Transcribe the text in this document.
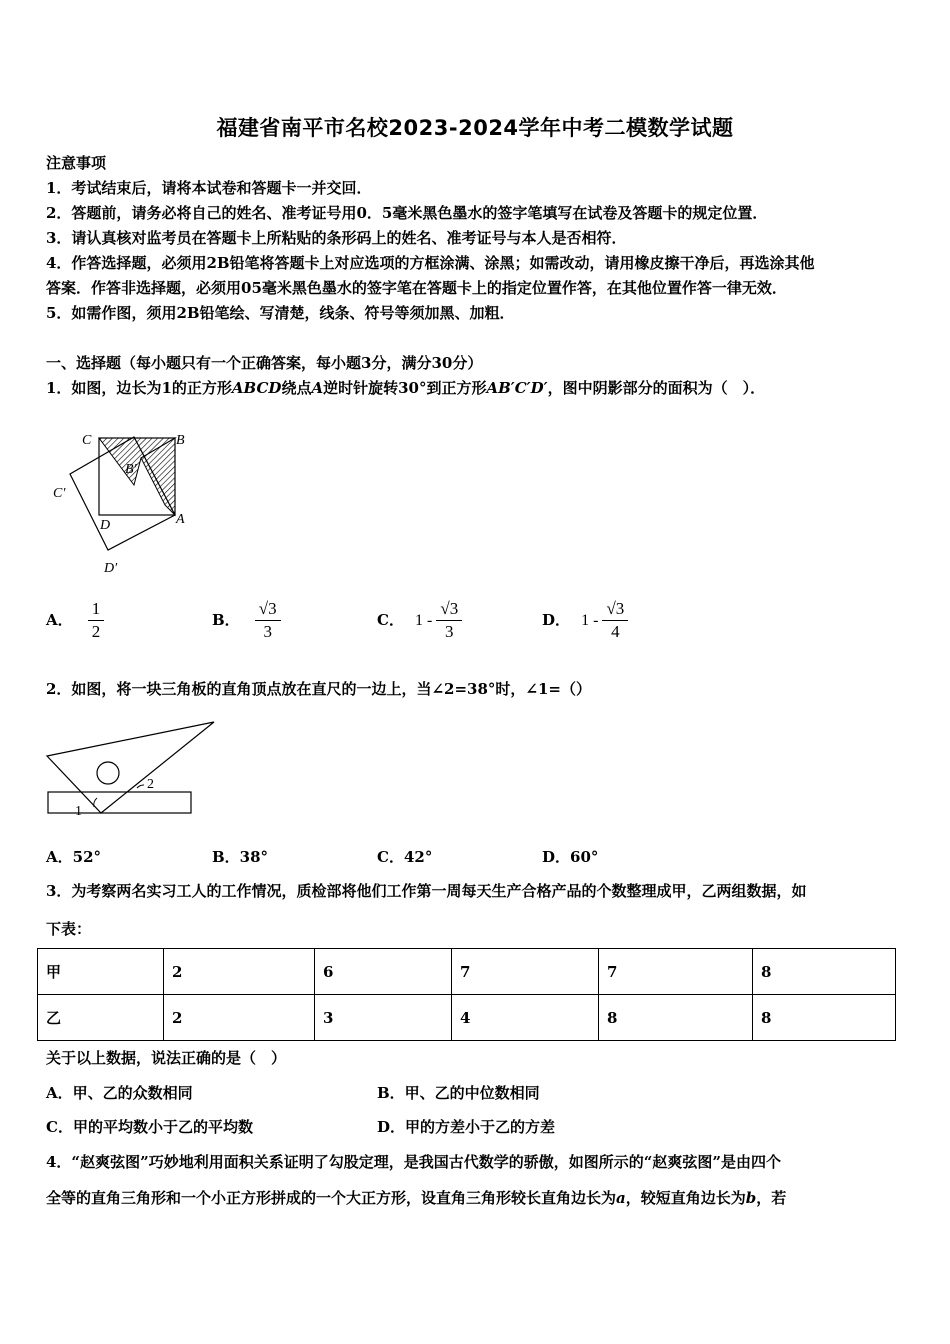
福建省南平市名校2023-2024学年中考二模数学试题
注意事项
1．考试结束后，请将本试卷和答题卡一并交回．
2．答题前，请务必将自己的姓名、准考证号用0．5毫米黑色墨水的签字笔填写在试卷及答题卡的规定位置．
3．请认真核对监考员在答题卡上所粘贴的条形码上的姓名、准考证号与本人是否相符．
4．作答选择题，必须用2B铅笔将答题卡上对应选项的方框涂满、涂黑；如需改动，请用橡皮擦干净后，再选涂其他
答案．作答非选择题，必须用05毫米黑色墨水的签字笔在答题卡上的指定位置作答，在其他位置作答一律无效．
5．如需作图，须用2B铅笔绘、写清楚，线条、符号等须加黑、加粗．
一、选择题（每小题只有一个正确答案，每小题3分，满分30分）
1．如图，边长为1的正方形ABCD绕点A逆时针旋转30°到正方形AB′C′D′，图中阴影部分的面积为（　）．
C	B
B′
C′
D	A
D′
A． $\frac{1}{2}$	B． $\frac{√3}{3}$	C． $1 - \frac{√3}{3}$	D． $1 - \frac{√3}{4}$
2．如图，将一块三角板的直角顶点放在直尺的一边上，当∠2=38°时，∠1=（）
1
2
A．52°	B．38°	C．42°	D．60°
3．为考察两名实习工人的工作情况，质检部将他们工作第一周每天生产合格产品的个数整理成甲，乙两组数据，如
下表：
甲	2	6	7	7	8
乙	2	3	4	8	8
关于以上数据，说法正确的是（　）
A．甲、乙的众数相同	B．甲、乙的中位数相同
C．甲的平均数小于乙的平均数	D．甲的方差小于乙的方差
4．“赵爽弦图”巧妙地利用面积关系证明了勾股定理，是我国古代数学的骄傲，如图所示的“赵爽弦图”是由四个
全等的直角三角形和一个小正方形拼成的一个大正方形，设直角三角形较长直角边长为a，较短直角边长为b，若
